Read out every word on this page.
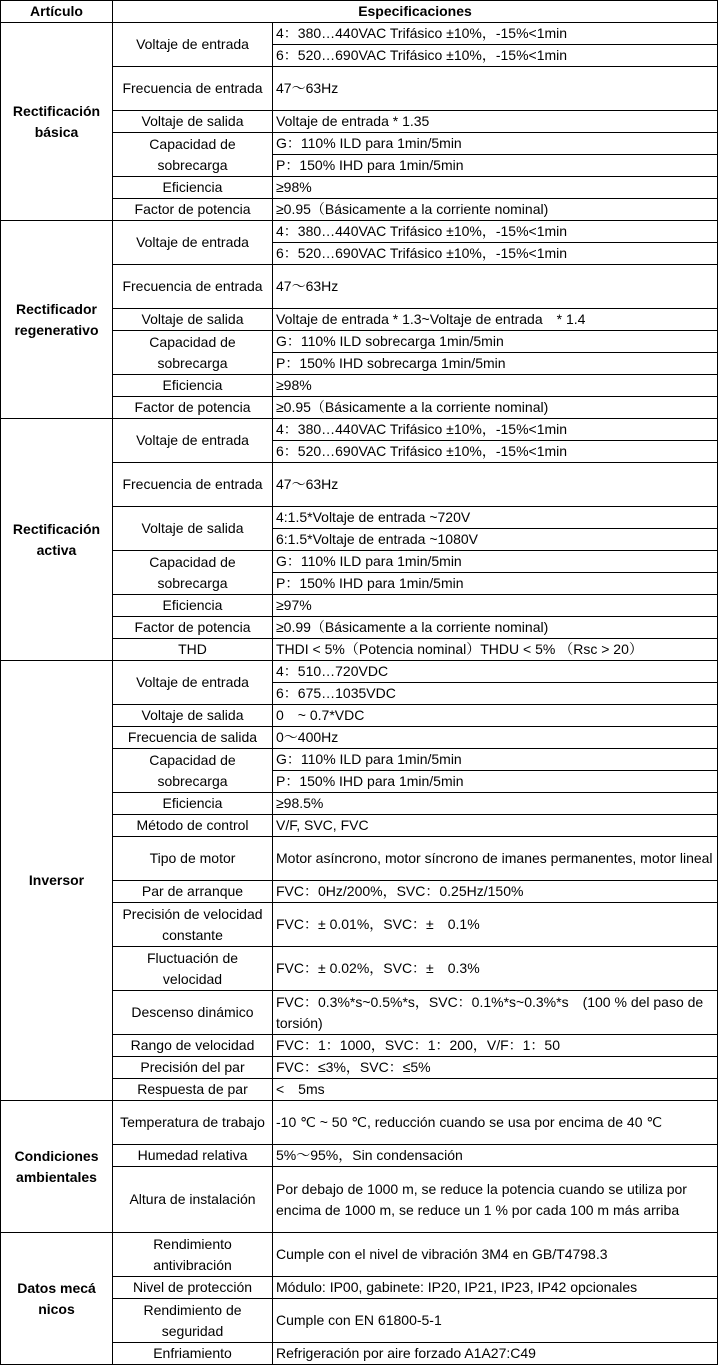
Artículo	Especificaciones	
Rectificación básica	Voltaje de entrada	4：380…440VAC Trifásico ±10%，-15%<1min
		6：520…690VAC Trifásico ±10%，-15%<1min
	Frecuencia de entrada	47～63Hz
	Voltaje de salida	Voltaje de entrada * 1.35
	Capacidad de sobrecarga	G：110% ILD para 1min/5min
		P：150% IHD para 1min/5min
	Eficiencia	≥98%
	Factor de potencia	≥0.95（Básicamente a la corriente nominal)
Rectificador regenerativo	Voltaje de entrada	4：380…440VAC Trifásico ±10%，-15%<1min
		6：520…690VAC Trifásico ±10%，-15%<1min
	Frecuencia de entrada	47～63Hz
	Voltaje de salida	Voltaje de entrada * 1.3~Voltaje de entrada　* 1.4
	Capacidad de sobrecarga	G：110% ILD sobrecarga 1min/5min
		P：150% IHD sobrecarga 1min/5min
	Eficiencia	≥98%
	Factor de potencia	≥0.95（Básicamente a la corriente nominal)
Rectificación activa	Voltaje de entrada	4：380…440VAC Trifásico ±10%，-15%<1min
		6：520…690VAC Trifásico ±10%，-15%<1min
	Frecuencia de entrada	47～63Hz
	Voltaje de salida	4:1.5*Voltaje de entrada ~720V
		6:1.5*Voltaje de entrada ~1080V
	Capacidad de sobrecarga	G：110% ILD para 1min/5min
		P：150% IHD para 1min/5min
	Eficiencia	≥97%
	Factor de potencia	≥0.99（Básicamente a la corriente nominal)
	THD	THDI < 5%（Potencia nominal）THDU < 5% （Rsc > 20）
Inversor	Voltaje de entrada	4：510…720VDC
		6：675…1035VDC
	Voltaje de salida	0　~ 0.7*VDC
	Frecuencia de salida	0～400Hz
	Capacidad de sobrecarga	G：110% ILD para 1min/5min
		P：150% IHD para 1min/5min
	Eficiencia	≥98.5%
	Método de control	V/F, SVC, FVC
	Tipo de motor	Motor asíncrono, motor síncrono de imanes permanentes, motor lineal
	Par de arranque	FVC：0Hz/200%，SVC：0.25Hz/150%
	Precisión de velocidad constante	FVC：± 0.01%，SVC：±　0.1%
	Fluctuación de velocidad	FVC：± 0.02%，SVC：±　0.3%
	Descenso dinámico	FVC：0.3%*s~0.5%*s，SVC：0.1%*s~0.3%*s　(100 % del paso de torsión)
	Rango de velocidad	FVC：1：1000，SVC：1：200，V/F：1：50
	Precisión del par	FVC：≤3%，SVC：≤5%
	Respuesta de par	<　5ms
Condiciones ambientales	Temperatura de trabajo	-10 ℃ ~ 50 ℃, reducción cuando se usa por encima de 40 ℃
	Humedad relativa	5%～95%，Sin condensación
	Altura de instalación	Por debajo de 1000 m, se reduce la potencia cuando se utiliza por encima de 1000 m, se reduce un 1 % por cada 100 m más arriba
Datos mecá nicos	Rendimiento antivibración	Cumple con el nivel de vibración 3M4 en GB/T4798.3
	Nivel de protección	Módulo: IP00, gabinete: IP20, IP21, IP23, IP42 opcionales
	Rendimiento de seguridad	Cumple con EN 61800-5-1
	Enfriamiento	Refrigeración por aire forzado A1A27:C49
